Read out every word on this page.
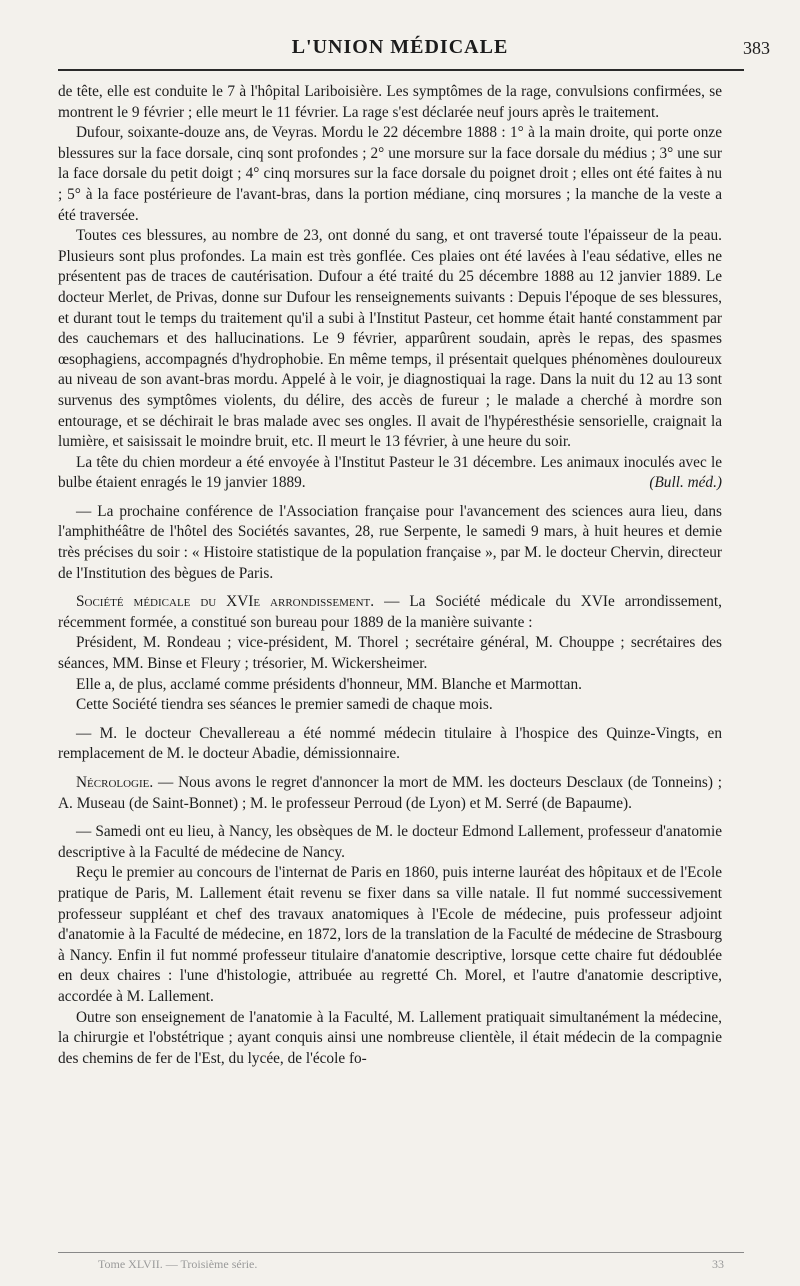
L'UNION MÉDICALE	383

de tête, elle est conduite le 7 à l'hôpital Lariboisière. Les symptômes de la rage, convulsions confirmées, se montrent le 9 février ; elle meurt le 11 février. La rage s'est déclarée neuf jours après le traitement.

Dufour, soixante-douze ans, de Veyras. Mordu le 22 décembre 1888 : 1° à la main droite, qui porte onze blessures sur la face dorsale, cinq sont profondes ; 2° une morsure sur la face dorsale du médius ; 3° une sur la face dorsale du petit doigt ; 4° cinq morsures sur la face dorsale du poignet droit ; elles ont été faites à nu ; 5° à la face postérieure de l'avant-bras, dans la portion médiane, cinq morsures ; la manche de la veste a été traversée.

Toutes ces blessures, au nombre de 23, ont donné du sang, et ont traversé toute l'épaisseur de la peau. Plusieurs sont plus profondes. La main est très gonflée. Ces plaies ont été lavées à l'eau sédative, elles ne présentent pas de traces de cautérisation. Dufour a été traité du 25 décembre 1888 au 12 janvier 1889. Le docteur Merlet, de Privas, donne sur Dufour les renseignements suivants : Depuis l'époque de ses blessures, et durant tout le temps du traitement qu'il a subi à l'Institut Pasteur, cet homme était hanté constamment par des cauchemars et des hallucinations. Le 9 février, apparûrent soudain, après le repas, des spasmes œsophagiens, accompagnés d'hydrophobie. En même temps, il présentait quelques phénomènes douloureux au niveau de son avant-bras mordu. Appelé à le voir, je diagnostiquai la rage. Dans la nuit du 12 au 13 sont survenus des symptômes violents, du délire, des accès de fureur ; le malade a cherché à mordre son entourage, et se déchirait le bras malade avec ses ongles. Il avait de l'hypéresthésie sensorielle, craignait la lumière, et saisissait le moindre bruit, etc. Il meurt le 13 février, à une heure du soir.

La tête du chien mordeur a été envoyée à l'Institut Pasteur le 31 décembre. Les animaux inoculés avec le bulbe étaient enragés le 19 janvier 1889.	(Bull. méd.)

— La prochaine conférence de l'Association française pour l'avancement des sciences aura lieu, dans l'amphithéâtre de l'hôtel des Sociétés savantes, 28, rue Serpente, le samedi 9 mars, à huit heures et demie très précises du soir : « Histoire statistique de la population française », par M. le docteur Chervin, directeur de l'Institution des bègues de Paris.

Société médicale du XVIe arrondissement. — La Société médicale du XVIe arrondissement, récemment formée, a constitué son bureau pour 1889 de la manière suivante :

Président, M. Rondeau ; vice-président, M. Thorel ; secrétaire général, M. Chouppe ; secrétaires des séances, MM. Binse et Fleury ; trésorier, M. Wickersheimer.

Elle a, de plus, acclamé comme présidents d'honneur, MM. Blanche et Marmottan.

Cette Société tiendra ses séances le premier samedi de chaque mois.

— M. le docteur Chevallereau a été nommé médecin titulaire à l'hospice des Quinze-Vingts, en remplacement de M. le docteur Abadie, démissionnaire.

Nécrologie. — Nous avons le regret d'annoncer la mort de MM. les docteurs Desclaux (de Tonneins) ; A. Museau (de Saint-Bonnet) ; M. le professeur Perroud (de Lyon) et M. Serré (de Bapaume).

— Samedi ont eu lieu, à Nancy, les obsèques de M. le docteur Edmond Lallement, professeur d'anatomie descriptive à la Faculté de médecine de Nancy.

Reçu le premier au concours de l'internat de Paris en 1860, puis interne lauréat des hôpitaux et de l'Ecole pratique de Paris, M. Lallement était revenu se fixer dans sa ville natale. Il fut nommé successivement professeur suppléant et chef des travaux anatomiques à l'Ecole de médecine, puis professeur adjoint d'anatomie à la Faculté de médecine, en 1872, lors de la translation de la Faculté de médecine de Strasbourg à Nancy. Enfin il fut nommé professeur titulaire d'anatomie descriptive, lorsque cette chaire fut dédoublée en deux chaires : l'une d'histologie, attribuée au regretté Ch. Morel, et l'autre d'anatomie descriptive, accordée à M. Lallement.

Outre son enseignement de l'anatomie à la Faculté, M. Lallement pratiquait simultanément la médecine, la chirurgie et l'obstétrique ; ayant conquis ainsi une nombreuse clientèle, il était médecin de la compagnie des chemins de fer de l'Est, du lycée, de l'école fo-

Tome XLVII. — Troisième série.	33
